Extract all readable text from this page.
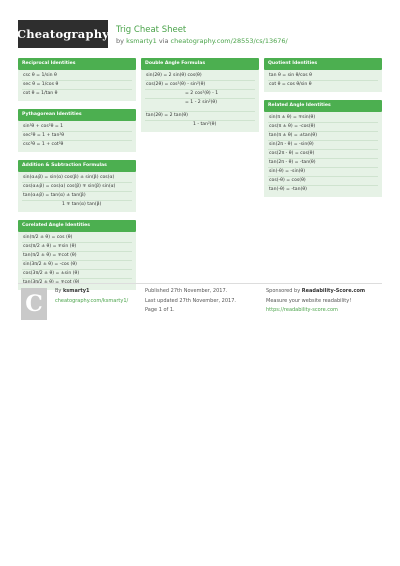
Cheatography Trig Cheat Sheet
by ksmarty1 via cheatography.com/28553/cs/13676/
Reciprocal Identities
csc θ = 1/sin θ
sec θ = 1/cos θ
cot θ = 1/tan θ
Pythagorean Identities
sin²θ + cos²θ = 1
sec²θ = 1 + tan²θ
csc²θ = 1 + cot²θ
Addition & Subtraction Formulas
sin(α±β) = sin(α) cos(β) ± sin(β) cos(α)
cos(α±β) = cos(α) cos(β) ∓ sin(β) sin(α)
tan(α±β) = tan(α) ± tan(β)
1 ∓ tan(α) tan(β)
Corelated Angle Identities
sin(π/2 ± θ) = cos (θ)
cos(π/2 ± θ) = ∓sin (θ)
tan(π/2 ± θ) = ∓cot (θ)
sin(3π/2 ± θ) = -cos (θ)
cos(3π/2 ± θ) = ±sin (θ)
Double Angle Formulas
sin(2θ) = 2 sin(θ) cos(θ)
cos(2θ) = cos²(θ) - sin²(θ)
= 2 cos²(θ) - 1
= 1 - 2 sin²(θ)
tan(2θ) = 2 tan(θ)
1 - tan²(θ)
Quotient Identities
tan θ = sin θ/cos θ
cot θ = cos θ/sin θ
Related Angle Identities
sin(π ± θ) = ∓sin(θ)
cos(π ± θ) = -cos(θ)
tan(π ± θ) = ±tan(θ)
sin(2π - θ) = -sin(θ)
cos(2π - θ) = cos(θ)
tan(2π - θ) = -tan(θ)
sin(-θ) = -sin(θ)
cos(-θ) = cos(θ)
tan(-θ) = -tan(θ)
C By ksmarty1
cheatography.com/ksmarty1/
Published 27th November, 2017.
Last updated 27th November, 2017.
Page 1 of 1.
Sponsored by Readability-Score.com
Measure your website readability!
https://readability-score.com
